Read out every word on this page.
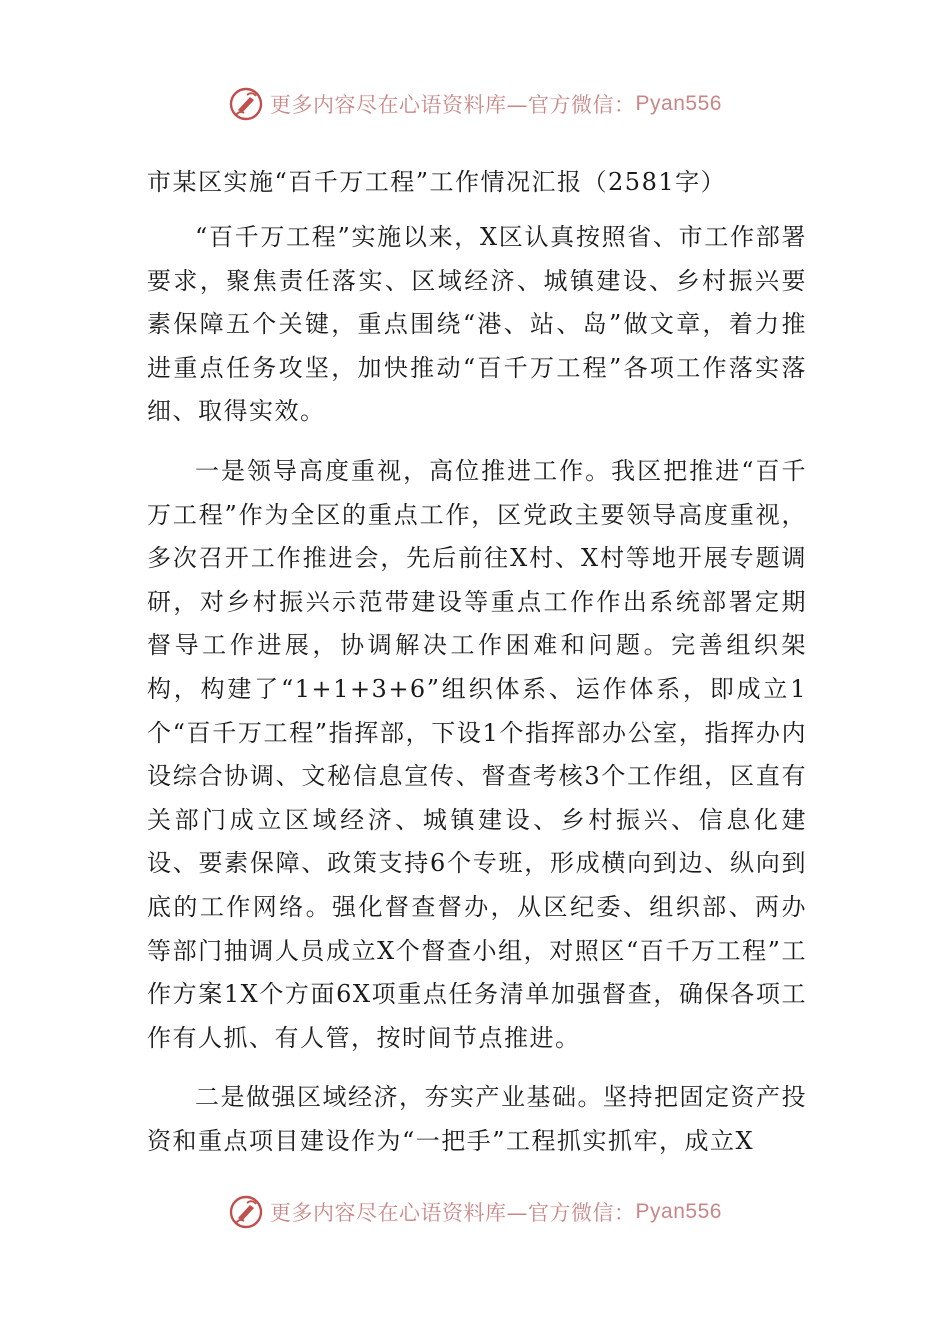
更多内容尽在心语资料库—官方微信： Pyan556
市某区实施“百千万工程”工作情况汇报（2581字）

“百千万工程”实施以来，X区认真按照省、市工作部署要求，聚焦责任落实、区域经济、城镇建设、乡村振兴要素保障五个关键，重点围绕“港、站、岛”做文章，着力推进重点任务攻坚，加快推动“百千万工程”各项工作落实落细、取得实效。

一是领导高度重视，高位推进工作。我区把推进“百千万工程”作为全区的重点工作，区党政主要领导高度重视，多次召开工作推进会，先后前往X村、X村等地开展专题调研，对乡村振兴示范带建设等重点工作作出系统部署定期督导工作进展，协调解决工作困难和问题。完善组织架构，构建了“1+1+3+6”组织体系、运作体系，即成立1个“百千万工程”指挥部，下设1个指挥部办公室，指挥办内设综合协调、文秘信息宣传、督查考核3个工作组，区直有关部门成立区域经济、城镇建设、乡村振兴、信息化建设、要素保障、政策支持6个专班，形成横向到边、纵向到底的工作网络。强化督查督办，从区纪委、组织部、两办等部门抽调人员成立X个督查小组，对照区“百千万工程”工作方案1X个方面6X项重点任务清单加强督查，确保各项工作有人抓、有人管，按时间节点推进。

二是做强区域经济，夯实产业基础。坚持把固定资产投资和重点项目建设作为“一把手”工程抓实抓牢，成立X

更多内容尽在心语资料库—官方微信： Pyan556
